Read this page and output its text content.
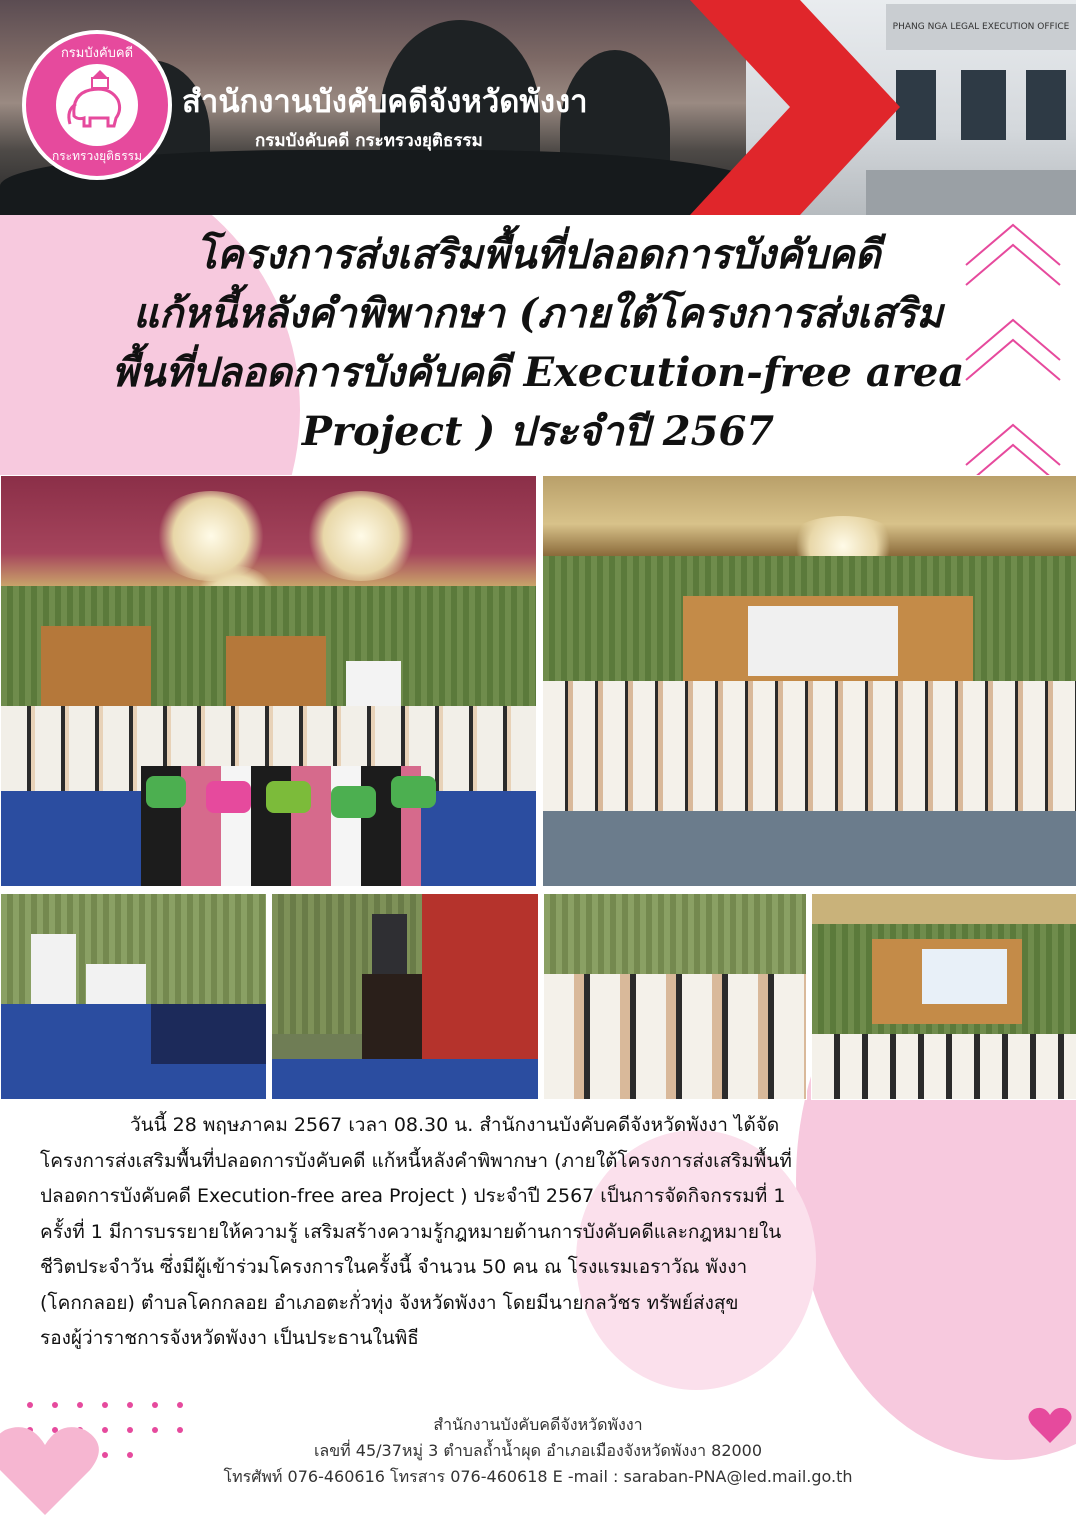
PHANG NGA LEGAL EXECUTION OFFICE
กรมบังคับคดี
กระทรวงยุติธรรม
สำนักงานบังคับคดีจังหวัดพังงา
กรมบังคับคดี กระทรวงยุติธรรม
โครงการส่งเสริมพื้นที่ปลอดการบังคับคดี
แก้หนี้หลังคำพิพากษา (ภายใต้โครงการส่งเสริม
พื้นที่ปลอดการบังคับคดี Execution-free area
Project ) ประจำปี 2567
วันนี้ 28 พฤษภาคม 2567 เวลา 08.30 น. สำนักงานบังคับคดีจังหวัดพังงา ได้จัด
โครงการส่งเสริมพื้นที่ปลอดการบังคับคดี แก้หนี้หลังคำพิพากษา (ภายใต้โครงการส่งเสริมพื้นที่
ปลอดการบังคับคดี Execution-free area Project ) ประจำปี 2567 เป็นการจัดกิจกรรมที่ 1
ครั้งที่ 1 มีการบรรยายให้ความรู้ เสริมสร้างความรู้กฎหมายด้านการบังคับคดีและกฎหมายใน
ชีวิตประจำวัน ซึ่งมีผู้เข้าร่วมโครงการในครั้งนี้ จำนวน 50 คน ณ โรงแรมเอราวัณ พังงา
(โคกกลอย) ตำบลโคกกลอย อำเภอตะกั่วทุ่ง จังหวัดพังงา โดยมีนายกลวัชร ทรัพย์ส่งสุข
รองผู้ว่าราชการจังหวัดพังงา เป็นประธานในพิธี
สำนักงานบังคับคดีจังหวัดพังงา
เลขที่ 45/37หมู่ 3 ตำบลถ้ำน้ำผุด อำเภอเมืองจังหวัดพังงา 82000
โทรศัพท์ 076-460616 โทรสาร 076-460618 E -mail : saraban-PNA@led.mail.go.th
